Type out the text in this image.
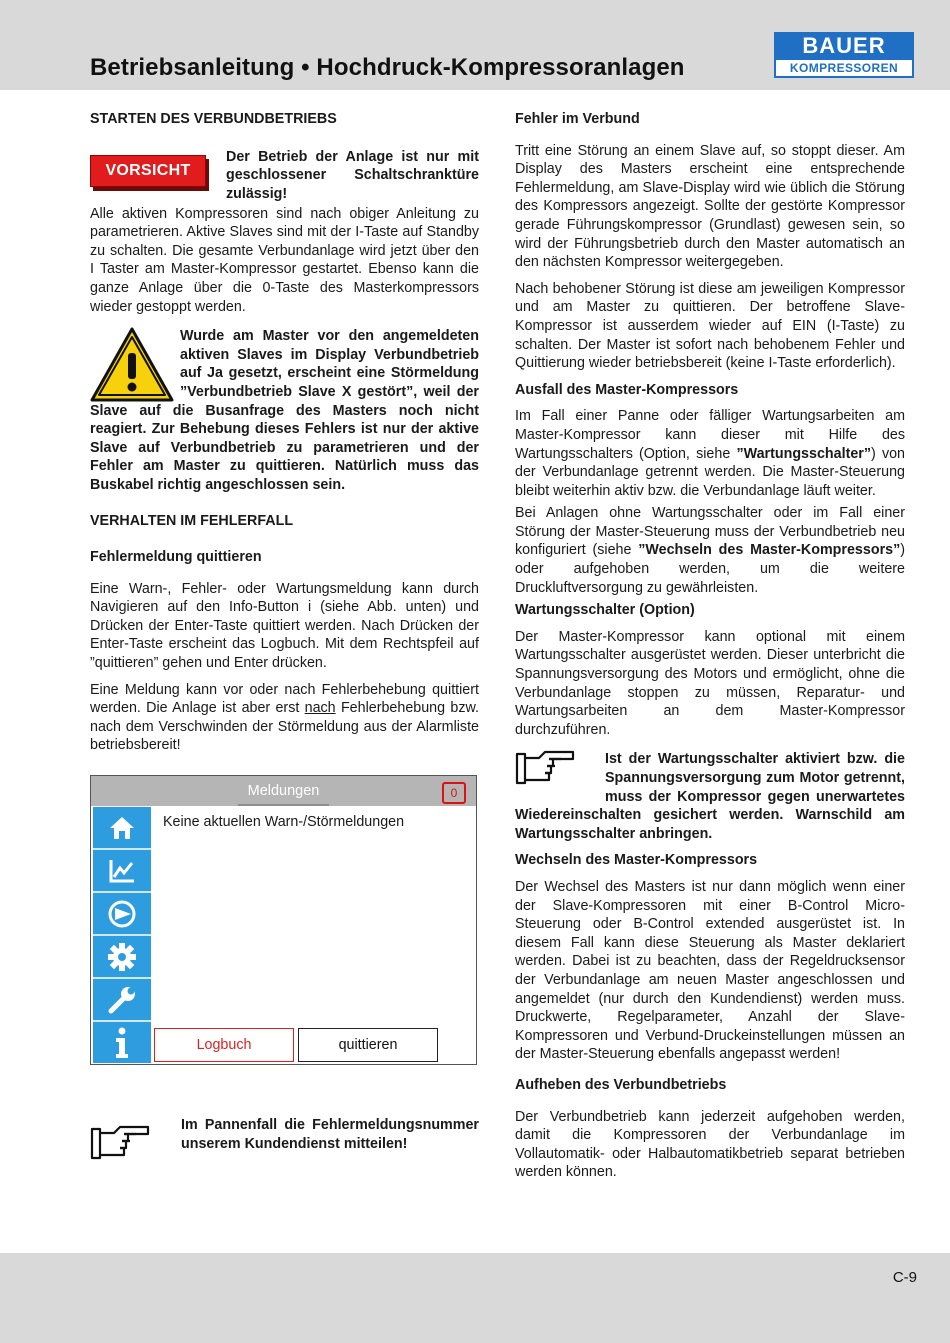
Betriebsanleitung • Hochdruck-Kompressoranlagen
BAUER
KOMPRESSOREN

STARTEN DES VERBUNDBETRIEBS

VORSICHT

Der Betrieb der Anlage ist nur mit geschlossener Schaltschranktüre zulässig!

Alle aktiven Kompressoren sind nach obiger Anleitung zu parametrieren. Aktive Slaves sind mit der I-Taste auf Standby zu schalten. Die gesamte Verbundanlage wird jetzt über den I Taster am Master-Kompressor gestartet. Ebenso kann die ganze Anlage über die 0-Taste des Masterkompressors wieder gestoppt werden.

Wurde am Master vor den angemeldeten aktiven Slaves im Display Verbundbetrieb auf Ja gesetzt, erscheint eine Störmeldung ”Verbundbetrieb Slave X gestört”, weil der Slave auf die Busanfrage des Masters noch nicht reagiert. Zur Behebung dieses Fehlers ist nur der aktive Slave auf Verbundbetrieb zu parametrieren und der Fehler am Master zu quittieren. Natürlich muss das Buskabel richtig angeschlossen sein.

VERHALTEN IM FEHLERFALL

Fehlermeldung quittieren

Eine Warn-, Fehler- oder Wartungsmeldung kann durch Navigieren auf den Info-Button i (siehe Abb. unten) und Drücken der Enter-Taste quittiert werden. Nach Drücken der Enter-Taste erscheint das Logbuch. Mit dem Rechtspfeil auf ”quittieren” gehen und Enter drücken.

Eine Meldung kann vor oder nach Fehlerbehebung quittiert werden. Die Anlage ist aber erst nach Fehlerbehebung bzw. nach dem Verschwinden der Störmeldung aus der Alarmliste betriebsbereit!

Meldungen	0
Keine aktuellen Warn-/Störmeldungen
Logbuch	quittieren

Im Pannenfall die Fehlermeldungsnummer unserem Kundendienst mitteilen!

Fehler im Verbund

Tritt eine Störung an einem Slave auf, so stoppt dieser. Am Display des Masters erscheint eine entsprechende Fehlermeldung, am Slave-Display wird wie üblich die Störung des Kompressors angezeigt. Sollte der gestörte Kompressor gerade Führungskompressor (Grundlast) gewesen sein, so wird der Führungsbetrieb durch den Master automatisch an den nächsten Kompressor weitergegeben.

Nach behobener Störung ist diese am jeweiligen Kompressor und am Master zu quittieren. Der betroffene Slave-Kompressor ist ausserdem wieder auf EIN (I-Taste) zu schalten. Der Master ist sofort nach behobenem Fehler und Quittierung wieder betriebsbereit (keine I-Taste erforderlich).

Ausfall des Master-Kompressors

Im Fall einer Panne oder fälliger Wartungsarbeiten am Master-Kompressor kann dieser mit Hilfe des Wartungsschalters (Option, siehe ”Wartungsschalter”) von der Verbundanlage getrennt werden. Die Master-Steuerung bleibt weiterhin aktiv bzw. die Verbundanlage läuft weiter.

Bei Anlagen ohne Wartungsschalter oder im Fall einer Störung der Master-Steuerung muss der Verbundbetrieb neu konfiguriert (siehe ”Wechseln des Master-Kompressors”) oder aufgehoben werden, um die weitere Druckluftversorgung zu gewährleisten.

Wartungsschalter (Option)

Der Master-Kompressor kann optional mit einem Wartungsschalter ausgerüstet werden. Dieser unterbricht die Spannungsversorgung des Motors und ermöglicht, ohne die Verbundanlage stoppen zu müssen, Reparatur- und Wartungsarbeiten an dem Master-Kompressor durchzuführen.

Ist der Wartungsschalter aktiviert bzw. die Spannungsversorgung zum Motor getrennt, muss der Kompressor gegen unerwartetes Wiedereinschalten gesichert werden. Warnschild am Wartungsschalter anbringen.

Wechseln des Master-Kompressors

Der Wechsel des Masters ist nur dann möglich wenn einer der Slave-Kompressoren mit einer B-Control Micro-Steuerung oder B-Control extended ausgerüstet ist. In diesem Fall kann diese Steuerung als Master deklariert werden. Dabei ist zu beachten, dass der Regeldrucksensor der Verbundanlage am neuen Master angeschlossen und angemeldet (nur durch den Kundendienst) werden muss. Druckwerte, Regelparameter, Anzahl der Slave-Kompressoren und Verbund-Druckeinstellungen müssen an der Master-Steuerung ebenfalls angepasst werden!

Aufheben des Verbundbetriebs

Der Verbundbetrieb kann jederzeit aufgehoben werden, damit die Kompressoren der Verbundanlage im Vollautomatik- oder Halbautomatikbetrieb separat betrieben werden können.

C-9
